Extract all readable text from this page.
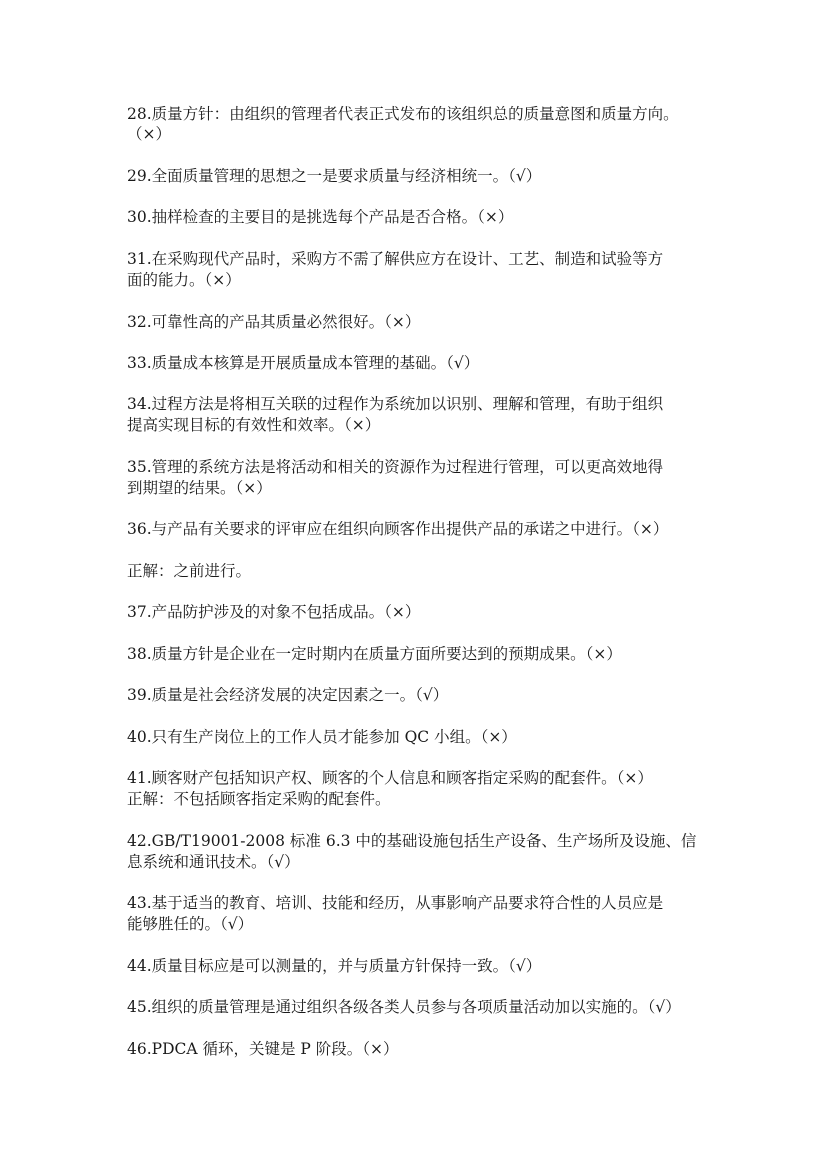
28.质量方针：由组织的管理者代表正式发布的该组织总的质量意图和质量方向。
（×）
29.全面质量管理的思想之一是要求质量与经济相统一。（√）
30.抽样检查的主要目的是挑选每个产品是否合格。（×）
31.在采购现代产品时，采购方不需了解供应方在设计、工艺、制造和试验等方
面的能力。（×）
32.可靠性高的产品其质量必然很好。（×）
33.质量成本核算是开展质量成本管理的基础。（√）
34.过程方法是将相互关联的过程作为系统加以识别、理解和管理，有助于组织
提高实现目标的有效性和效率。（×）
35.管理的系统方法是将活动和相关的资源作为过程进行管理，可以更高效地得
到期望的结果。（×）
36.与产品有关要求的评审应在组织向顾客作出提供产品的承诺之中进行。（×）
正解：之前进行。
37.产品防护涉及的对象不包括成品。（×）
38.质量方针是企业在一定时期内在质量方面所要达到的预期成果。（×）
39.质量是社会经济发展的决定因素之一。（√）
40.只有生产岗位上的工作人员才能参加 QC 小组。（×）
41.顾客财产包括知识产权、顾客的个人信息和顾客指定采购的配套件。（×）
正解：不包括顾客指定采购的配套件。
42.GB/T19001-2008 标准 6.3 中的基础设施包括生产设备、生产场所及设施、信
息系统和通讯技术。（√）
43.基于适当的教育、培训、技能和经历，从事影响产品要求符合性的人员应是
能够胜任的。（√）
44.质量目标应是可以测量的，并与质量方针保持一致。（√）
45.组织的质量管理是通过组织各级各类人员参与各项质量活动加以实施的。（√）
46.PDCA 循环，关键是 P 阶段。（×）
